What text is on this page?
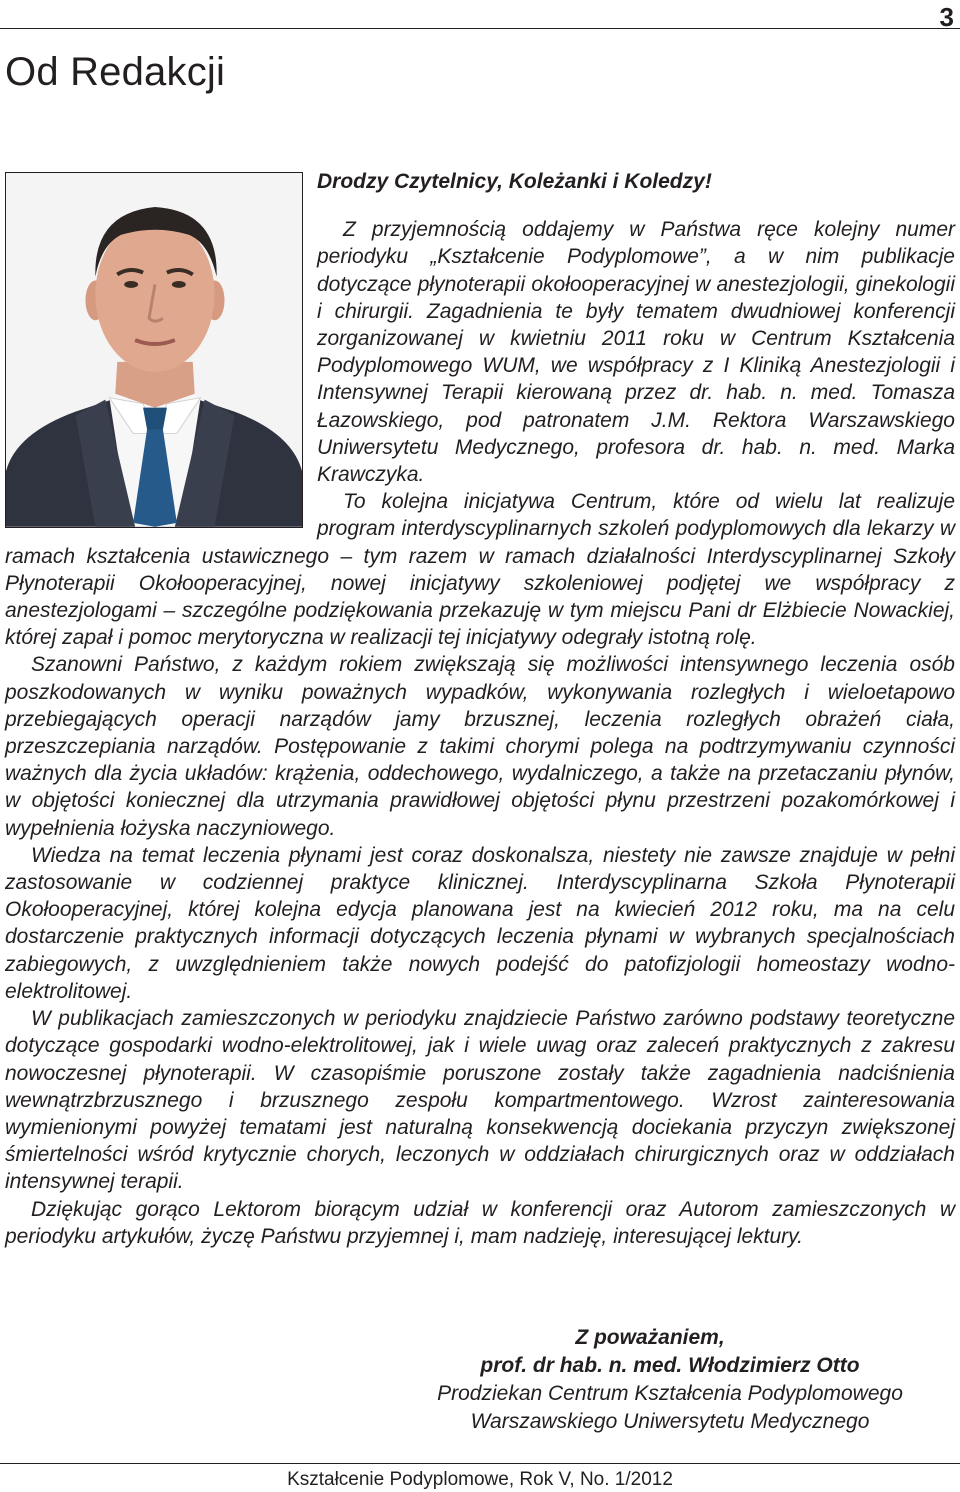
3
Od Redakcji

Drodzy Czytelnicy, Koleżanki i Koledzy!

Z przyjemnością oddajemy w Państwa ręce kolejny numer periodyku „Kształcenie Podyplomowe”, a w nim publikacje dotyczące płynoterapii okołooperacyjnej w anestezjologii, ginekologii i chirurgii. Zagadnienia te były tematem dwudniowej konferencji zorganizowanej w kwietniu 2011 roku w Centrum Kształcenia Podyplomowego WUM, we współpracy z I Kliniką Anestezjologii i Intensywnej Terapii kierowaną przez dr. hab. n. med. Tomasza Łazowskiego, pod patronatem J.M. Rektora Warszawskiego Uniwersytetu Medycznego, profesora dr. hab. n. med. Marka Krawczyka.

To kolejna inicjatywa Centrum, które od wielu lat realizuje program interdyscyplinarnych szkoleń podyplomowych dla lekarzy w ramach kształcenia ustawicznego – tym razem w ramach działalności Interdyscyplinarnej Szkoły Płynoterapii Okołooperacyjnej, nowej inicjatywy szkoleniowej podjętej we współpracy z anestezjologami – szczególne podziękowania przekazuję w tym miejscu Pani dr Elżbiecie Nowackiej, której zapał i pomoc merytoryczna w realizacji tej inicjatywy odegrały istotną rolę.

Szanowni Państwo, z każdym rokiem zwiększają się możliwości intensywnego leczenia osób poszkodowanych w wyniku poważnych wypadków, wykonywania rozległych i wieloetapowo przebiegających operacji narządów jamy brzusznej, leczenia rozległych obrażeń ciała, przeszczepiania narządów. Postępowanie z takimi chorymi polega na podtrzymywaniu czynności ważnych dla życia układów: krążenia, oddechowego, wydalniczego, a także na przetaczaniu płynów, w objętości koniecznej dla utrzymania prawidłowej objętości płynu przestrzeni pozakomórkowej i wypełnienia łożyska naczyniowego.

Wiedza na temat leczenia płynami jest coraz doskonalsza, niestety nie zawsze znajduje w pełni zastosowanie w codziennej praktyce klinicznej. Interdyscyplinarna Szkoła Płynoterapii Okołooperacyjnej, której kolejna edycja planowana jest na kwiecień 2012 roku, ma na celu dostarczenie praktycznych informacji dotyczących leczenia płynami w wybranych specjalnościach zabiegowych, z uwzględnieniem także nowych podejść do patofizjologii homeostazy wodno-elektrolitowej.

W publikacjach zamieszczonych w periodyku znajdziecie Państwo zarówno podstawy teoretyczne dotyczące gospodarki wodno-elektrolitowej, jak i wiele uwag oraz zaleceń praktycznych z zakresu nowoczesnej płynoterapii. W czasopiśmie poruszone zostały także zagadnienia nadciśnienia wewnątrzbrzusznego i brzusznego zespołu kompartmentowego. Wzrost zainteresowania wymienionymi powyżej tematami jest naturalną konsekwencją dociekania przyczyn zwiększonej śmiertelności wśród krytycznie chorych, leczonych w oddziałach chirurgicznych oraz w oddziałach intensywnej terapii.

Dziękując gorąco Lektorom biorącym udział w konferencji oraz Autorom zamieszczonych w periodyku artykułów, życzę Państwu przyjemnej i, mam nadzieję, interesującej lektury.

Z poważaniem,
prof. dr hab. n. med. Włodzimierz Otto
Prodziekan Centrum Kształcenia Podyplomowego
Warszawskiego Uniwersytetu Medycznego
Kształcenie Podyplomowe, Rok V, No. 1/2012
